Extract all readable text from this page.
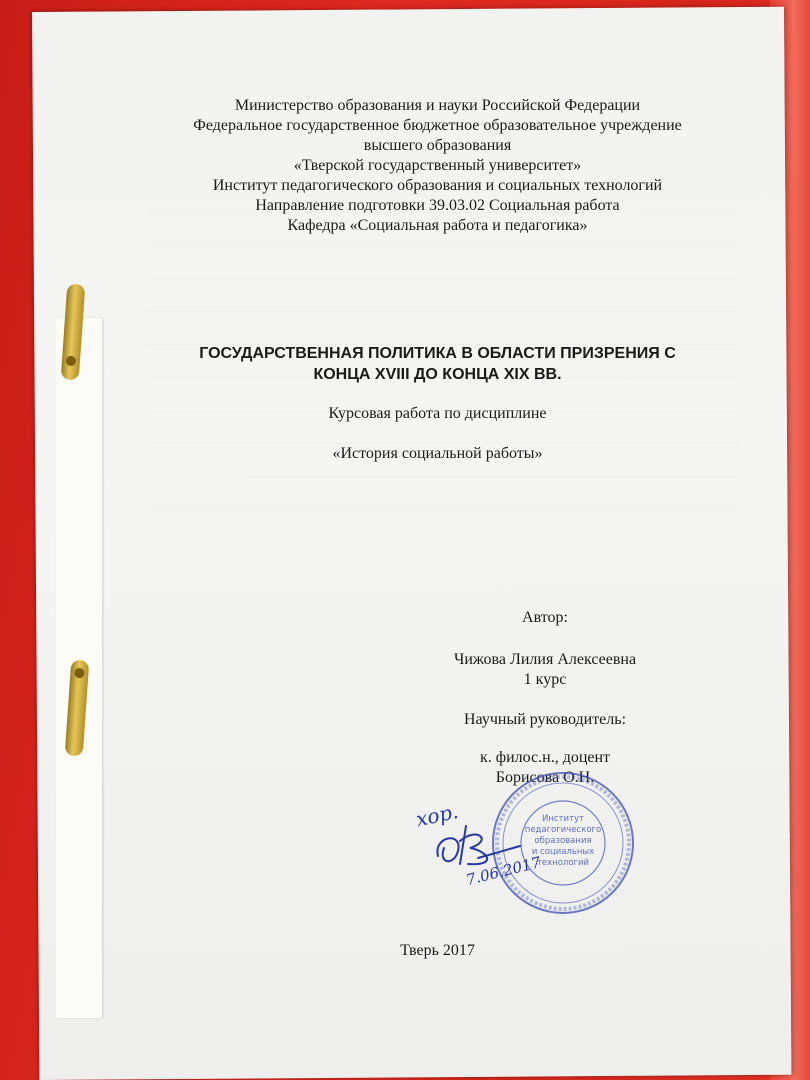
Министерство образования и науки Российской Федерации
Федеральное государственное бюджетное образовательное учреждение
высшего образования
«Тверской государственный университет»
Институт педагогического образования и социальных технологий
Направление подготовки 39.03.02 Социальная работа
Кафедра «Социальная работа и педагогика»
ГОСУДАРСТВЕННАЯ ПОЛИТИКА В ОБЛАСТИ ПРИЗРЕНИЯ С
КОНЦА XVIII ДО КОНЦА XIX ВВ.
Курсовая работа по дисциплине
«История социальной работы»
Автор:
Чижова Лилия Алексеевна
1 курс
Научный руководитель:
к. филос.н., доцент
Борисова О.Н.
Институт
педагогического
образования
и социальных
технологий
хор.
7.06.2017
Тверь 2017
